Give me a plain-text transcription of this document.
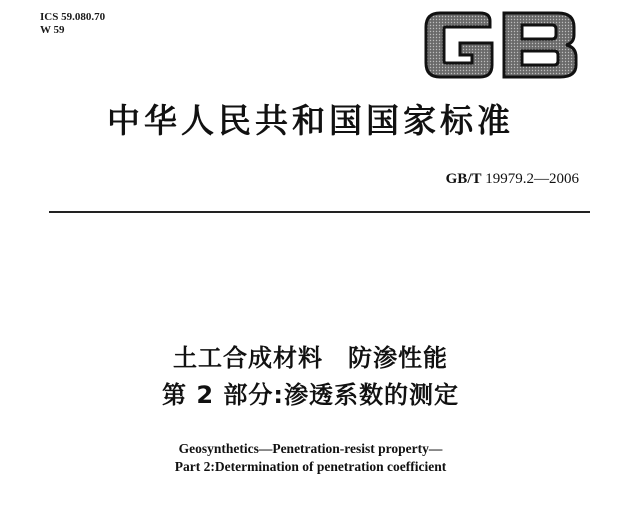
ICS 59.080.70
W 59
GB
中华人民共和国国家标准
GB/T 19979.2—2006
土工合成材料　防渗性能
第 2 部分:渗透系数的测定
Geosynthetics—Penetration-resist property—
Part 2:Determination of penetration coefficient
